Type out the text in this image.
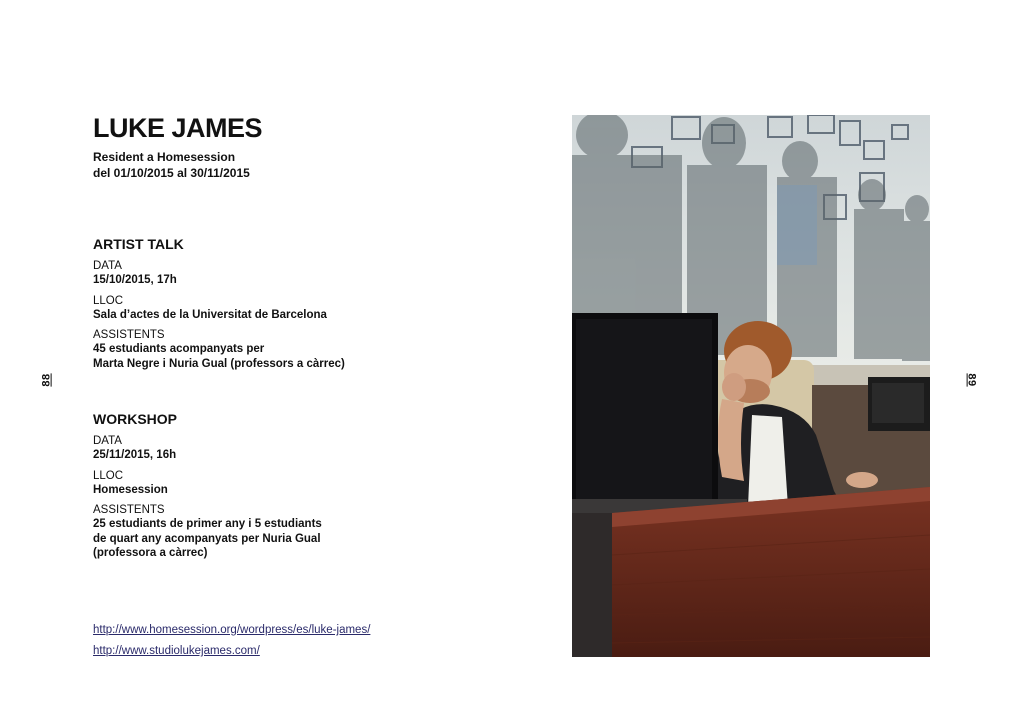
88	89
LUKE JAMES
Resident a Homesession
del 01/10/2015 al 30/11/2015
ARTIST TALK
DATA
15/10/2015, 17h
LLOC
Sala d’actes de la Universitat de Barcelona
ASSISTENTS
45 estudiants acompanyats per
Marta Negre i Nuria Gual (professors a càrrec)
WORKSHOP
DATA
25/11/2015, 16h
LLOC
Homesession
ASSISTENTS
25 estudiants de primer any i 5 estudiants
de quart any acompanyats per Nuria Gual
(professora a càrrec)
http://www.homesession.org/wordpress/es/luke-james/
http://www.studiolukejames.com/
